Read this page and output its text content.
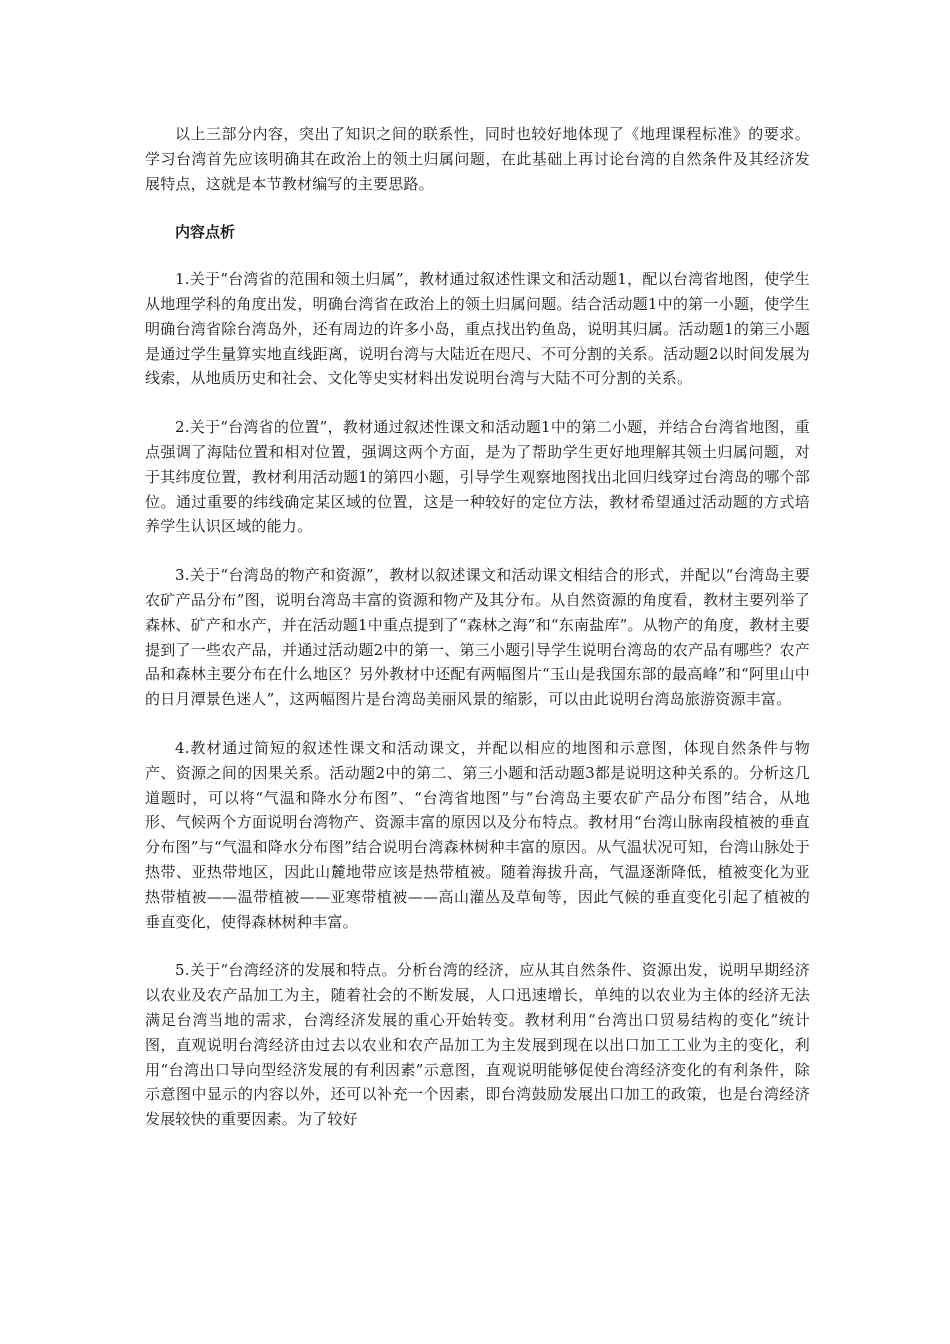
以上三部分内容，突出了知识之间的联系性，同时也较好地体现了《地理课程标准》的要求。学习台湾首先应该明确其在政治上的领土归属问题，在此基础上再讨论台湾的自然条件及其经济发展特点，这就是本节教材编写的主要思路。

内容点析

1.关于“台湾省的范围和领土归属”，教材通过叙述性课文和活动题1，配以台湾省地图，使学生从地理学科的角度出发，明确台湾省在政治上的领土归属问题。结合活动题1中的第一小题，使学生明确台湾省除台湾岛外，还有周边的许多小岛，重点找出钓鱼岛，说明其归属。活动题1的第三小题是通过学生量算实地直线距离，说明台湾与大陆近在咫尺、不可分割的关系。活动题2以时间发展为线索，从地质历史和社会、文化等史实材料出发说明台湾与大陆不可分割的关系。

2.关于“台湾省的位置”，教材通过叙述性课文和活动题1中的第二小题，并结合台湾省地图，重点强调了海陆位置和相对位置，强调这两个方面，是为了帮助学生更好地理解其领土归属问题，对于其纬度位置，教材利用活动题1的第四小题，引导学生观察地图找出北回归线穿过台湾岛的哪个部位。通过重要的纬线确定某区域的位置，这是一种较好的定位方法，教材希望通过活动题的方式培养学生认识区域的能力。

3.关于“台湾岛的物产和资源”，教材以叙述课文和活动课文相结合的形式，并配以“台湾岛主要农矿产品分布”图，说明台湾岛丰富的资源和物产及其分布。从自然资源的角度看，教材主要列举了森林、矿产和水产，并在活动题1中重点提到了“森林之海”和“东南盐库”。从物产的角度，教材主要提到了一些农产品，并通过活动题2中的第一、第三小题引导学生说明台湾岛的农产品有哪些？农产品和森林主要分布在什么地区？另外教材中还配有两幅图片“玉山是我国东部的最高峰”和“阿里山中的日月潭景色迷人”，这两幅图片是台湾岛美丽风景的缩影，可以由此说明台湾岛旅游资源丰富。

4.教材通过简短的叙述性课文和活动课文，并配以相应的地图和示意图，体现自然条件与物产、资源之间的因果关系。活动题2中的第二、第三小题和活动题3都是说明这种关系的。分析这几道题时，可以将“气温和降水分布图”、“台湾省地图”与“台湾岛主要农矿产品分布图”结合，从地形、气候两个方面说明台湾物产、资源丰富的原因以及分布特点。教材用“台湾山脉南段植被的垂直分布图”与“气温和降水分布图”结合说明台湾森林树种丰富的原因。从气温状况可知，台湾山脉处于热带、亚热带地区，因此山麓地带应该是热带植被。随着海拔升高，气温逐渐降低，植被变化为亚热带植被——温带植被——亚寒带植被——高山灌丛及草甸等，因此气候的垂直变化引起了植被的垂直变化，使得森林树种丰富。

5.关于“台湾经济的发展和特点。分析台湾的经济，应从其自然条件、资源出发，说明早期经济以农业及农产品加工为主，随着社会的不断发展，人口迅速增长，单纯的以农业为主体的经济无法满足台湾当地的需求，台湾经济发展的重心开始转变。教材利用“台湾出口贸易结构的变化”统计图，直观说明台湾经济由过去以农业和农产品加工为主发展到现在以出口加工工业为主的变化，利用“台湾出口导向型经济发展的有利因素”示意图，直观说明能够促使台湾经济变化的有利条件，除示意图中显示的内容以外，还可以补充一个因素，即台湾鼓励发展出口加工的政策，也是台湾经济发展较快的重要因素。为了较好
